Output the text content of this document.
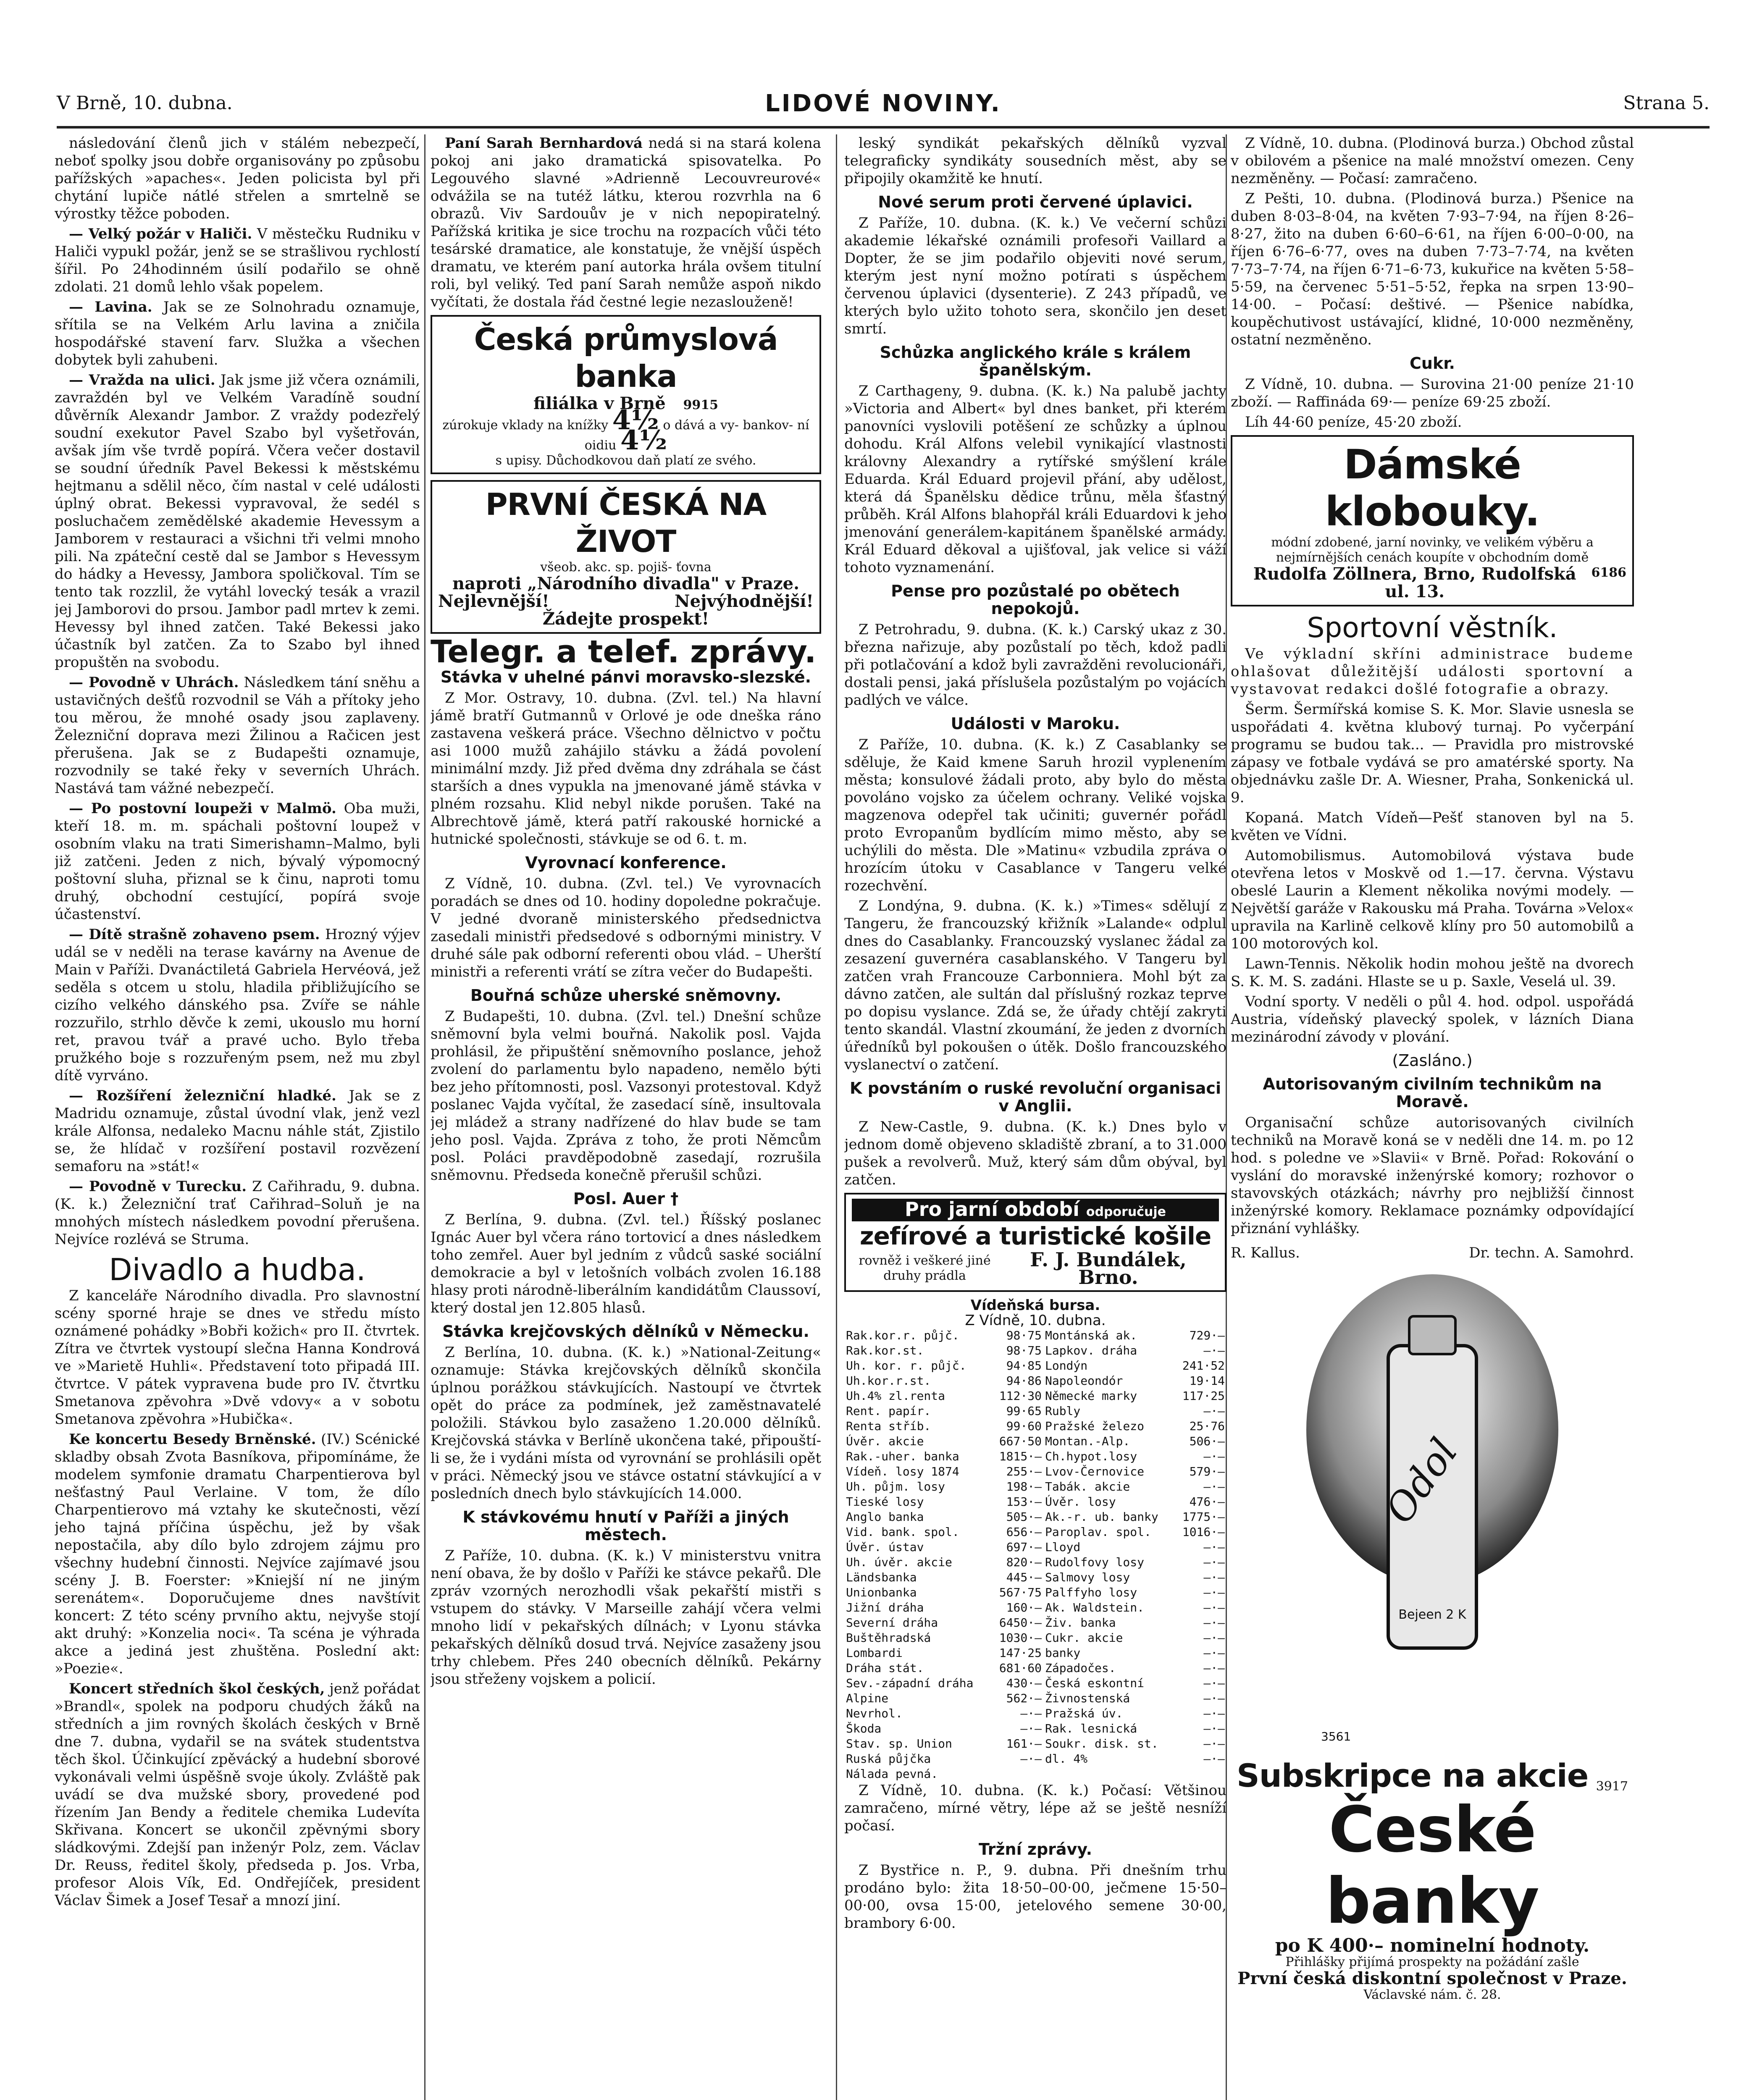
V Brně, 10. dubna.	LIDOVÉ NOVINY.	Strana 5.

následování členů jich v stálém nebezpečí, neboť spolky jsou dobře organisovány po způsobu pařížských »apaches«. Jeden policista byl při chytání lupiče nátlé střelen a smrtelně se výrostky těžce poboden.

— Velký požár v Haliči. V městečku Rudniku v Haliči vypukl požár, jenž se se strašlivou rychlostí šířil. Po 24hodinném úsilí podařilo se ohně zdolati. 21 domů lehlo však popelem.

— Lavina. Jak se ze Solnohradu oznamuje, sřítila se na Velkém Arlu lavina a zničila hospodářské stavení farv. Služka a všechen dobytek byli zahubeni.

— Vražda na ulici. Jak jsme již včera oznámili, zavraždén byl ve Velkém Varadíně soudní důvěrník Alexandr Jambor. Z vraždy podezřelý soudní exekutor Pavel Szabo byl vyšetřován, avšak jím vše tvrdě popírá. Včera večer dostavil se soudní úředník Pavel Bekessi k městskému hejtmanu a sdělil něco, čím nastal v celé události úplný obrat. Bekessi vypravoval, že sedél s posluchačem zemědělské akademie Hevessym a Jamborem v restauraci a všichni tři velmi mnoho pili. Na zpáteční cestě dal se Jambor s Hevessym do hádky a Hevessy, Jambora spoličkoval. Tím se tento tak rozzlil, že vytáhl lovecký tesák a vrazil jej Jamborovi do prsou. Jambor padl mrtev k zemi. Hevessy byl ihned zatčen. Také Bekessi jako účastník byl zatčen. Za to Szabo byl ihned propuštěn na svobodu.

— Povodně v Uhrách. Následkem tání sněhu a ustavičných dešťů rozvodnil se Váh a přítoky jeho tou měrou, že mnohé osady jsou zaplaveny. Železniční doprava mezi Žilinou a Račicen jest přerušena. Jak se z Budapešti oznamuje, rozvodnily se také řeky v severních Uhrách. Nastává tam vážné nebezpečí.

— Po postovní loupeži v Malmö. Oba muži, kteří 18. m. m. spáchali poštovní loupež v osobním vlaku na trati Simerishamn–Malmo, byli již zatčeni. Jeden z nich, bývalý výpomocný poštovní sluha, přiznal se k činu, naproti tomu druhý, obchodní cestující, popírá svoje účastenství.

— Dítě strašně zohaveno psem. Hrozný výjev udál se v neděli na terase kavárny na Avenue de Main v Paříži. Dvanáctiletá Gabriela Hervéová, jež seděla s otcem u stolu, hladila přibližujícího se cizího velkého dánského psa. Zvíře se náhle rozzuřilo, strhlo děvče k zemi, ukouslo mu horní ret, pravou tvář a pravé ucho. Bylo třeba pružkého boje s rozzuřeným psem, než mu zbyl dítě vyrváno.

— Rozšíření železniční hladké. Jak se z Madridu oznamuje, zůstal úvodní vlak, jenž vezl krále Alfonsa, nedaleko Macnu náhle stát, Zjistilo se, že hlídač v rozšíření postavil rozvězení semaforu na »stát!«

— Povodně v Turecku. Z Cařihradu, 9. dubna. (K. k.) Železniční trať Cařihrad–Soluň je na mnohých místech následkem povodní přerušena. Nejvíce rozlévá se Struma.

Divadlo a hudba.

Z kanceláře Národního divadla. Pro slavnostní scény sporné hraje se dnes ve středu místo oznámené pohádky »Bobři kožich« pro II. čtvrtek. Zítra ve čtvrtek vystoupí slečna Hanna Kondrová ve »Marietě Huhli«. Představení toto připadá III. čtvrtce. V pátek vypravena bude pro IV. čtvrtku Smetanova zpěvohra »Dvě vdovy« a v sobotu Smetanova zpěvohra »Hubička«.

Ke koncertu Besedy Brněnské. (IV.) Scénické skladby obsah Zvota Basníkova, připomínáme, že modelem symfonie dramatu Charpentierova byl nešťastný Paul Verlaine. V tom, že dílo Charpentierovo má vztahy ke skutečnosti, vězí jeho tajná příčina úspěchu, jež by však nepostačila, aby dílo bylo zdrojem zájmu pro všechny hudební činnosti. Nejvíce zajímavé jsou scény J. B. Foerster: »Kniejší ní ne jiným serenátem«. Doporučujeme dnes navštívit koncert: Z této scény prvního aktu, nejvyše stojí akt druhý: »Konzelia noci«. Ta scéna je výhrada akce a jediná jest zhuštěna. Poslední akt: »Poezie«.

Koncert středních škol českých, jenž pořádat »Brandl«, spolek na podporu chudých žáků na středních a jim rovných školách českých v Brně dne 7. dubna, vydařil se na svátek studentstva těch škol. Účinkující zpěvácký a hudební sborové vykonávali velmi úspěšně svoje úkoly. Zvláště pak uvádí se dva mužské sbory, provedené pod řízením Jan Bendy a ředitele chemika Ludevíta Skřivana. Koncert se ukončil zpěvnými sbory sládkovými. Zdejší pan inženýr Polz, zem. Václav Dr. Reuss, ředitel školy, předseda p. Jos. Vrba, profesor Alois Vík, Ed. Ondřejíček, president Václav Šimek a Josef Tesař a mnozí jiní.

Paní Sarah Bernhardová nedá si na stará kolena pokoj ani jako dramatická spisovatelka. Po Legouvého slavné »Adrienně Lecouvreurové« odvážila se na tutéž látku, kterou rozvrhla na 6 obrazů. Viv Sardouův je v nich nepopiratelný. Pařížská kritika je sice trochu na rozpacích vůči této tesárské dramatice, ale konstatuje, že vnější úspěch dramatu, ve kterém paní autorka hrála ovšem titulní roli, byl veliký. Ted paní Sarah nemůže aspoň nikdo vyčítati, že dostala řád čestné legie nezaslouženě!

Česká průmyslová banka
filiálka v Brně 9915
zúrokuje vklady na knížky 4½ o dává a vy- bankov- ní oidiu 4½
s upisy. Důchodkovou daň platí ze svého.
PRVNÍ ČESKÁ NA ŽIVOT
všeob. akc. sp. pojiš- ťovna
naproti „Národního divadla" v Praze.
Nejlevnější!	Nejvýhodnější!
Žádejte prospekt!
Telegr. a telef. zprávy.
Stávka v uhelné pánvi moravsko-slezské.

Z Mor. Ostravy, 10. dubna. (Zvl. tel.) Na hlavní jámě bratří Gutmannů v Orlové je ode dneška ráno zastavena veškerá práce. Všechno dělnictvo v počtu asi 1000 mužů zahájilo stávku a žádá povolení minimální mzdy. Již před dvěma dny zdráhala se část starších a dnes vypukla na jmenované jámě stávka v plném rozsahu. Klid nebyl nikde porušen. Také na Albrechtově jámě, která patří rakouské hornické a hutnické společnosti, stávkuje se od 6. t. m.

Vyrovnací konference.

Z Vídně, 10. dubna. (Zvl. tel.) Ve vyrovnacích poradách se dnes od 10. hodiny dopoledne pokračuje. V jedné dvoraně ministerského předsednictva zasedali ministři předsedové s odbornými ministry. V druhé sále pak odborní referenti obou vlád. – Uherští ministři a referenti vrátí se zítra večer do Budapešti.

Bouřná schůze uherské sněmovny.

Z Budapešti, 10. dubna. (Zvl. tel.) Dnešní schůze sněmovní byla velmi bouřná. Nakolik posl. Vajda prohlásil, že připuštění sněmovního poslance, jehož zvolení do parlamentu bylo napadeno, nemělo býti bez jeho přítomnosti, posl. Vazsonyi protestoval. Když poslanec Vajda vyčítal, že zasedací síně, insultovala jej mládež a strany nadřízené do hlav bude se tam jeho posl. Vajda. Zpráva z toho, že proti Němcům posl. Poláci pravděpodobně zasedají, rozrušila sněmovnu. Předseda konečně přerušil schůzi.

Posl. Auer †

Z Berlína, 9. dubna. (Zvl. tel.) Říšský poslanec Ignác Auer byl včera ráno tortovicí a dnes následkem toho zemřel. Auer byl jedním z vůdců saské sociální demokracie a byl v letošních volbách zvolen 16.188 hlasy proti národně-liberálním kandidátům Claussoví, který dostal jen 12.805 hlasů.

Stávka krejčovských dělníků v Německu.

Z Berlína, 10. dubna. (K. k.) »National-Zeitung« oznamuje: Stávka krejčovských dělníků skončila úplnou porážkou stávkujících. Nastoupí ve čtvrtek opět do práce za podmínek, jež zaměstnavatelé položili. Stávkou bylo zasaženo 1.20.000 dělníků. Krejčovská stávka v Berlíně ukončena také, připouští-li se, že i vydáni místa od vyrovnání se prohlásili opět v práci. Německý jsou ve stávce ostatní stávkující a v posledních dnech bylo stávkujících 14.000.

K stávkovému hnutí v Paříži a jiných městech.

Z Paříže, 10. dubna. (K. k.) V ministerstvu vnitra není obava, že by došlo v Paříži ke stávce pekařů. Dle zpráv vzorných nerozhodli však pekařští mistři s vstupem do stávky. V Marseille zahájí včera velmi mnoho lidí v pekařských dílnách; v Lyonu stávka pekařských dělníků dosud trvá. Nejvíce zasaženy jsou trhy chlebem. Přes 240 obecních dělníků. Pekárny jsou střeženy vojskem a policií.

leský syndikát pekařských dělníků vyzval telegraficky syndikáty sousedních měst, aby se připojily okamžitě ke hnutí.

Nové serum proti červené úplavici.

Z Paříže, 10. dubna. (K. k.) Ve večerní schůzi akademie lékařské oznámili profesoři Vaillard a Dopter, že se jim podařilo objeviti nové serum, kterým jest nyní možno potírati s úspěchem červenou úplavici (dysenterie). Z 243 případů, ve kterých bylo užito tohoto sera, skončilo jen deset smrtí.

Schůzka anglického krále s králem španělským.

Z Carthageny, 9. dubna. (K. k.) Na palubě jachty »Victoria and Albert« byl dnes banket, při kterém panovníci vyslovili potěšení ze schůzky a úplnou dohodu. Král Alfons velebil vynikající vlastnosti královny Alexandry a rytířské smýšlení krále Eduarda. Král Eduard projevil přání, aby udělost, která dá Španělsku dědice trůnu, měla šťastný průběh. Král Alfons blahopřál králi Eduardovi k jeho jmenování generálem-kapitánem španělské armády. Král Eduard děkoval a ujišťoval, jak velice si váží tohoto vyznamenání.

Pense pro pozůstalé po obětech nepokojů.

Z Petrohradu, 9. dubna. (K. k.) Carský ukaz z 30. března nařizuje, aby pozůstalí po těch, kdož padli při potlačování a kdož byli zavražděni revolucionáři, dostali pensi, jaká příslušela pozůstalým po vojácích padlých ve válce.

Události v Maroku.

Z Paříže, 10. dubna. (K. k.) Z Casablanky se sděluje, že Kaid kmene Saruh hrozil vyplenením města; konsulové žádali proto, aby bylo do města povoláno vojsko za účelem ochrany. Veliké vojska magzenova odepřel tak učiniti; guvernér pořádl proto Evropanům bydlícím mimo město, aby se uchýlili do města. Dle »Matinu« vzbudila zpráva o hrozícím útoku v Casablance v Tangeru velké rozechvění.

Z Londýna, 9. dubna. (K. k.) »Times« sdělují z Tangeru, že francouzský křižník »Lalande« odplul dnes do Casablanky. Francouzský vyslanec žádal za zesazení guvernéra casablanského. V Tangeru byl zatčen vrah Francouze Carbonniera. Mohl být za dávno zatčen, ale sultán dal příslušný rozkaz teprve po dopisu vyslance. Zdá se, že úřady chtějí zakryti tento skandál. Vlastní zkoumání, že jeden z dvorních úředníků byl pokoušen o útěk. Došlo francouzského vyslanectví o zatčení.

K povstáním o ruské revoluční organisaci v Anglii.

Z New-Castle, 9. dubna. (K. k.) Dnes bylo v jednom domě objeveno skladiště zbraní, a to 31.000 pušek a revolverů. Muž, který sám dům obýval, byl zatčen.

Pro jarní období odporučuje
zefírové a turistické košile
rovněž i veškeré jiné druhy prádla
F. J. Bundálek, Brno.
Vídeňská bursa.
Z Vídně, 10. dubna.
Rak.kor.r. půjč.	98·75	Montánská ak.	729·—
Rak.kor.st.	98·75	Lapkov. dráha	—·—
Uh. kor. r. půjč.	94·85	Londýn	241·52
Uh.kor.r.st.	94·86	Napoleondór	19·14
Uh.4% zl.renta	112·30	Německé marky	117·25
Rent. papír.	99·65	Rubly	—·—
Renta stříb.	99·60	Pražské železo	25·76
Úvěr. akcie	667·50	Montan.-Alp.	506·—
Rak.-uher. banka	1815·—	Ch.hypot.losy	—·—
Vídeň. losy 1874	255·—	Lvov-Černovice	579·—
Uh. půjm. losy	198·—	Tabák. akcie	—·—
Tieské losy	153·—	Úvěr. losy	476·—
Anglo banka	505·—	Ak.-r. ub. banky	1775·—
Vid. bank. spol.	656·—	Paroplav. spol.	1016·—
Úvěr. ústav	697·—	Lloyd	—·—
Uh. úvěr. akcie	820·—	Rudolfovy losy	—·—
Ländsbanka	445·—	Salmovy losy	—·—
Unionbanka	567·75	Palffyho losy	—·—
Jižní dráha	160·—	Ak. Waldstein.	—·—
Severní dráha	6450·—	Živ. banka	—·—
Buštěhradská	1030·—	Cukr. akcie	—·—
Lombardi	147·25	banky	—·—
Dráha stát.	681·60	Západočes.	—·—
Sev.-západní dráha	430·—	Česká eskontní	—·—
Alpine	562·—	Živnostenská	—·—
Nevrhol.	—·—	Pražská úv.	—·—
Škoda	—·—	Rak. lesnická	—·—
Stav. sp. Union	161·—	Soukr. disk. st.	—·—
Ruská půjčka	—·—	dl. 4%	—·—
Nálada pevná.			

Z Vídně, 10. dubna. (K. k.) Počasí: Většinou zamračeno, mírné větry, lépe až se ještě nesníží počasí.

Tržní zprávy.

Z Bystřice n. P., 9. dubna. Při dnešním trhu prodáno bylo: žita 18·50–00·00, ječmene 15·50–00·00, ovsa 15·00, jetelového semene 30·00, brambory 6·00.

Z Vídně, 10. dubna. (Plodinová burza.) Obchod zůstal v obilovém a pšenice na malé množství omezen. Ceny nezměněny. — Počasí: zamračeno.

Z Pešti, 10. dubna. (Plodinová burza.) Pšenice na duben 8·03–8·04, na květen 7·93–7·94, na říjen 8·26–8·27, žito na duben 6·60–6·61, na říjen 6·00–0·00, na říjen 6·76–6·77, oves na duben 7·73–7·74, na květen 7·73–7·74, na říjen 6·71–6·73, kukuřice na květen 5·58–5·59, na červenec 5·51–5·52, řepka na srpen 13·90–14·00. – Počasí: deštivé. — Pšenice nabídka, koupěchutivost ustávající, klidné, 10·000 nezměněny, ostatní nezměněno.

Cukr.

Z Vídně, 10. dubna. — Surovina 21·00 peníze 21·10 zboží. — Raffináda 69·— peníze 69·25 zboží.

Líh 44·60 peníze, 45·20 zboží.

Dámské klobouky.
módní zdobené, jarní novinky, ve velikém výběru a nejmírnějších cenách koupíte v obchodním domě
Rudolfa Zöllnera, Brno, Rudolfská ul. 13.
6186
Sportovní věstník.

Ve výkladní skříni administrace budeme ohlašovat důležitější události sportovní a vystavovat redakci došlé fotografie a obrazy.

Šerm. Šermířská komise S. K. Mor. Slavie usnesla se uspořádati 4. května klubový turnaj. Po vyčerpání programu se budou tak... — Pravidla pro mistrovské zápasy ve fotbale vydává se pro amatérské sporty. Na objednávku zašle Dr. A. Wiesner, Praha, Sonkenická ul. 9.

Kopaná. Match Vídeň—Pešť stanoven byl na 5. květen ve Vídni.

Automobilismus. Automobilová výstava bude otevřena letos v Moskvě od 1.—17. června. Výstavu obeslé Laurin a Klement několika novými modely. — Největší garáže v Rakousku má Praha. Továrna »Velox« upravila na Karlině celkově klíny pro 50 automobilů a 100 motorových kol.

Lawn-Tennis. Několik hodin mohou ještě na dvorech S. K. M. S. zadáni. Hlaste se u p. Saxle, Veselá ul. 39.

Vodní sporty. V neděli o půl 4. hod. odpol. uspořádá Austria, vídeňský plavecký spolek, v lázních Diana mezinárodní závody v plování.

(Zasláno.)
Autorisovaným civilním technikům na Moravě.

Organisační schůze autorisovaných civilních techniků na Moravě koná se v neděli dne 14. m. po 12 hod. s poledne ve »Slavii« v Brně. Pořad: Rokování o vyslání do moravské inženýrské komory; rozhovor o stavovských otázkách; návrhy pro nejbližší činnost inženýrské komory. Reklamace poznámky odpovídající přiznání vyhlášky.

R. Kallus.	Dr. techn. A. Samohrd.
Odol
Bejeen 2 K
3561
Subskripce na akcie 3917
České banky
po K 400·– nominelní hodnoty.
Přihlášky přijímá prospekty na požádání zašle
První česká diskontní společnost v Praze.
Václavské nám. č. 28.
